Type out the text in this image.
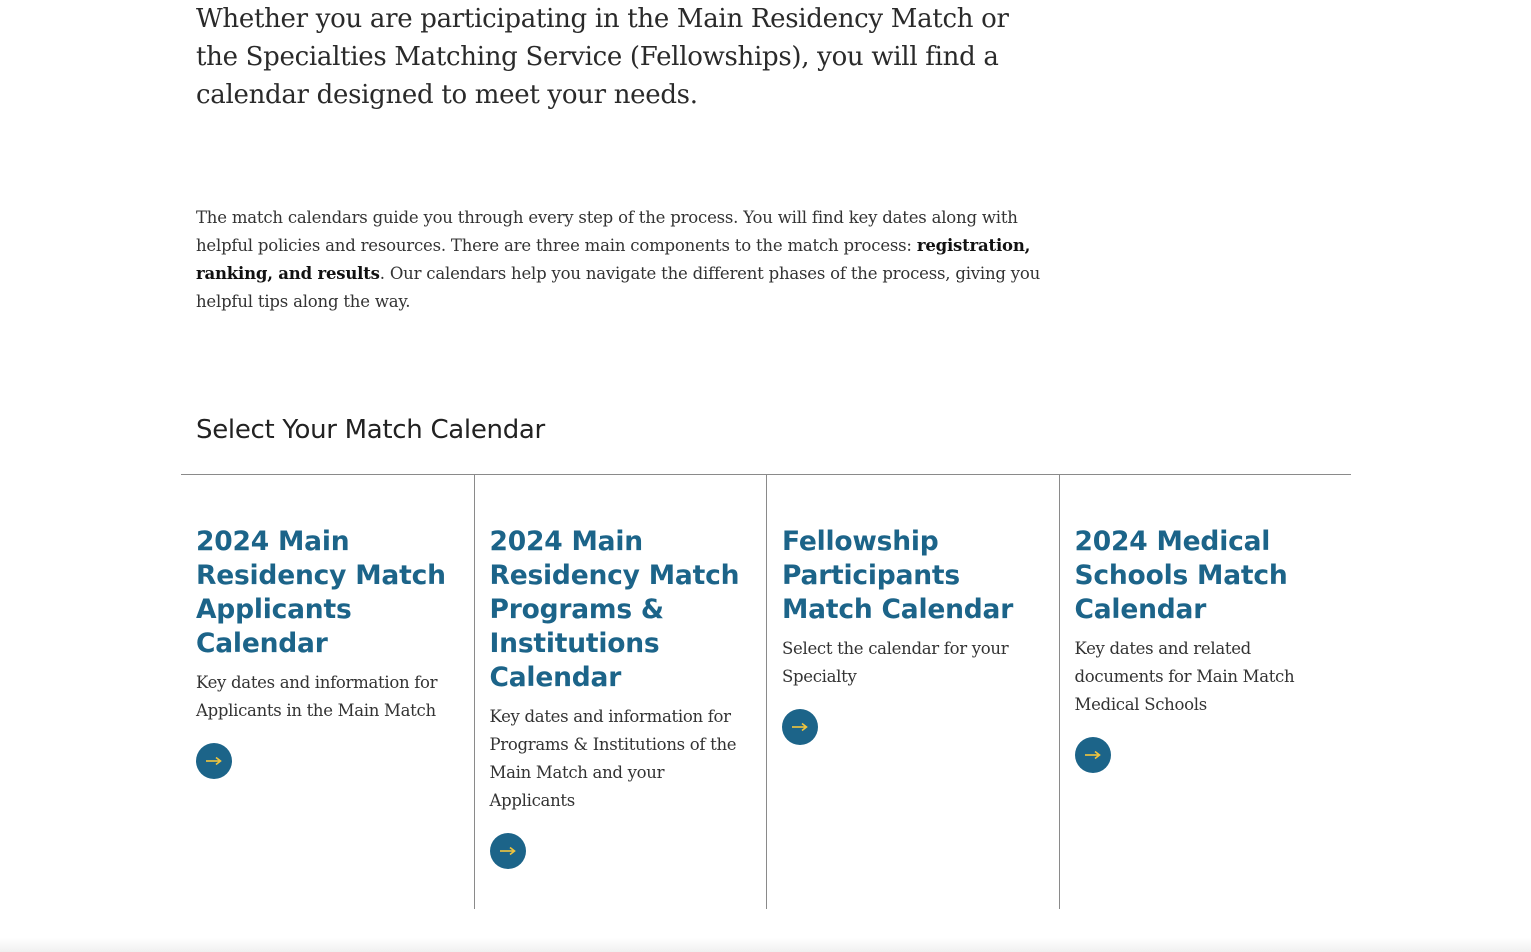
Whether you are participating in the Main Residency Match or the Specialties Matching Service (Fellowships), you will find a calendar designed to meet your needs.

The match calendars guide you through every step of the process. You will find key dates along with helpful policies and resources. There are three main components to the match process: registration, ranking, and results. Our calendars help you navigate the different phases of the process, giving you helpful tips along the way.

Select Your Match Calendar
2024 Main Residency Match Applicants Calendar

Key dates and information for Applicants in the Main Match

2024 Main Residency Match Programs & Institutions Calendar

Key dates and information for Programs & Institutions of the Main Match and your Applicants

Fellowship Participants Match Calendar

Select the calendar for your Specialty

2024 Medical Schools Match Calendar

Key dates and related documents for Main Match Medical Schools
